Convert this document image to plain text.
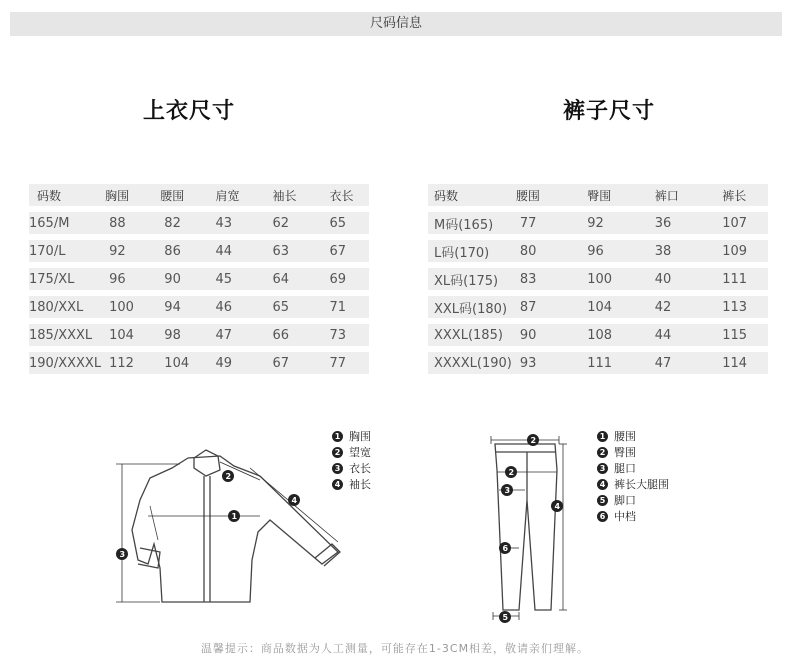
尺码信息
上衣尺寸	裤子尺寸
码数	胸围	腰围	肩宽	袖长	衣长
165/M	88	82	43	62	65
170/L	92	86	44	63	67
175/XL	96	90	45	64	69
180/XXL	100	94	46	65	71
185/XXXL	104	98	47	66	73
190/XXXXL	112	104	49	67	77
码数	腰围	臀围	裤口	裤长
M码(165)	77	92	36	107
L码(170)	80	96	38	109
XL码(175)	83	100	40	111
XXL码(180)	87	104	42	113
XXXL(185)	90	108	44	115
XXXXL(190)	93	111	47	114
1
2
3
4
1 胸围
2 望宽
3 衣长
4 袖长
2
2
3
4
6
5
1 腰围
2 臀围
3 腿口
4 裤长大腿围
5 脚口
6 中档
温馨提示：商品数据为人工测量，可能存在1-3CM相差，敬请亲们理解。
